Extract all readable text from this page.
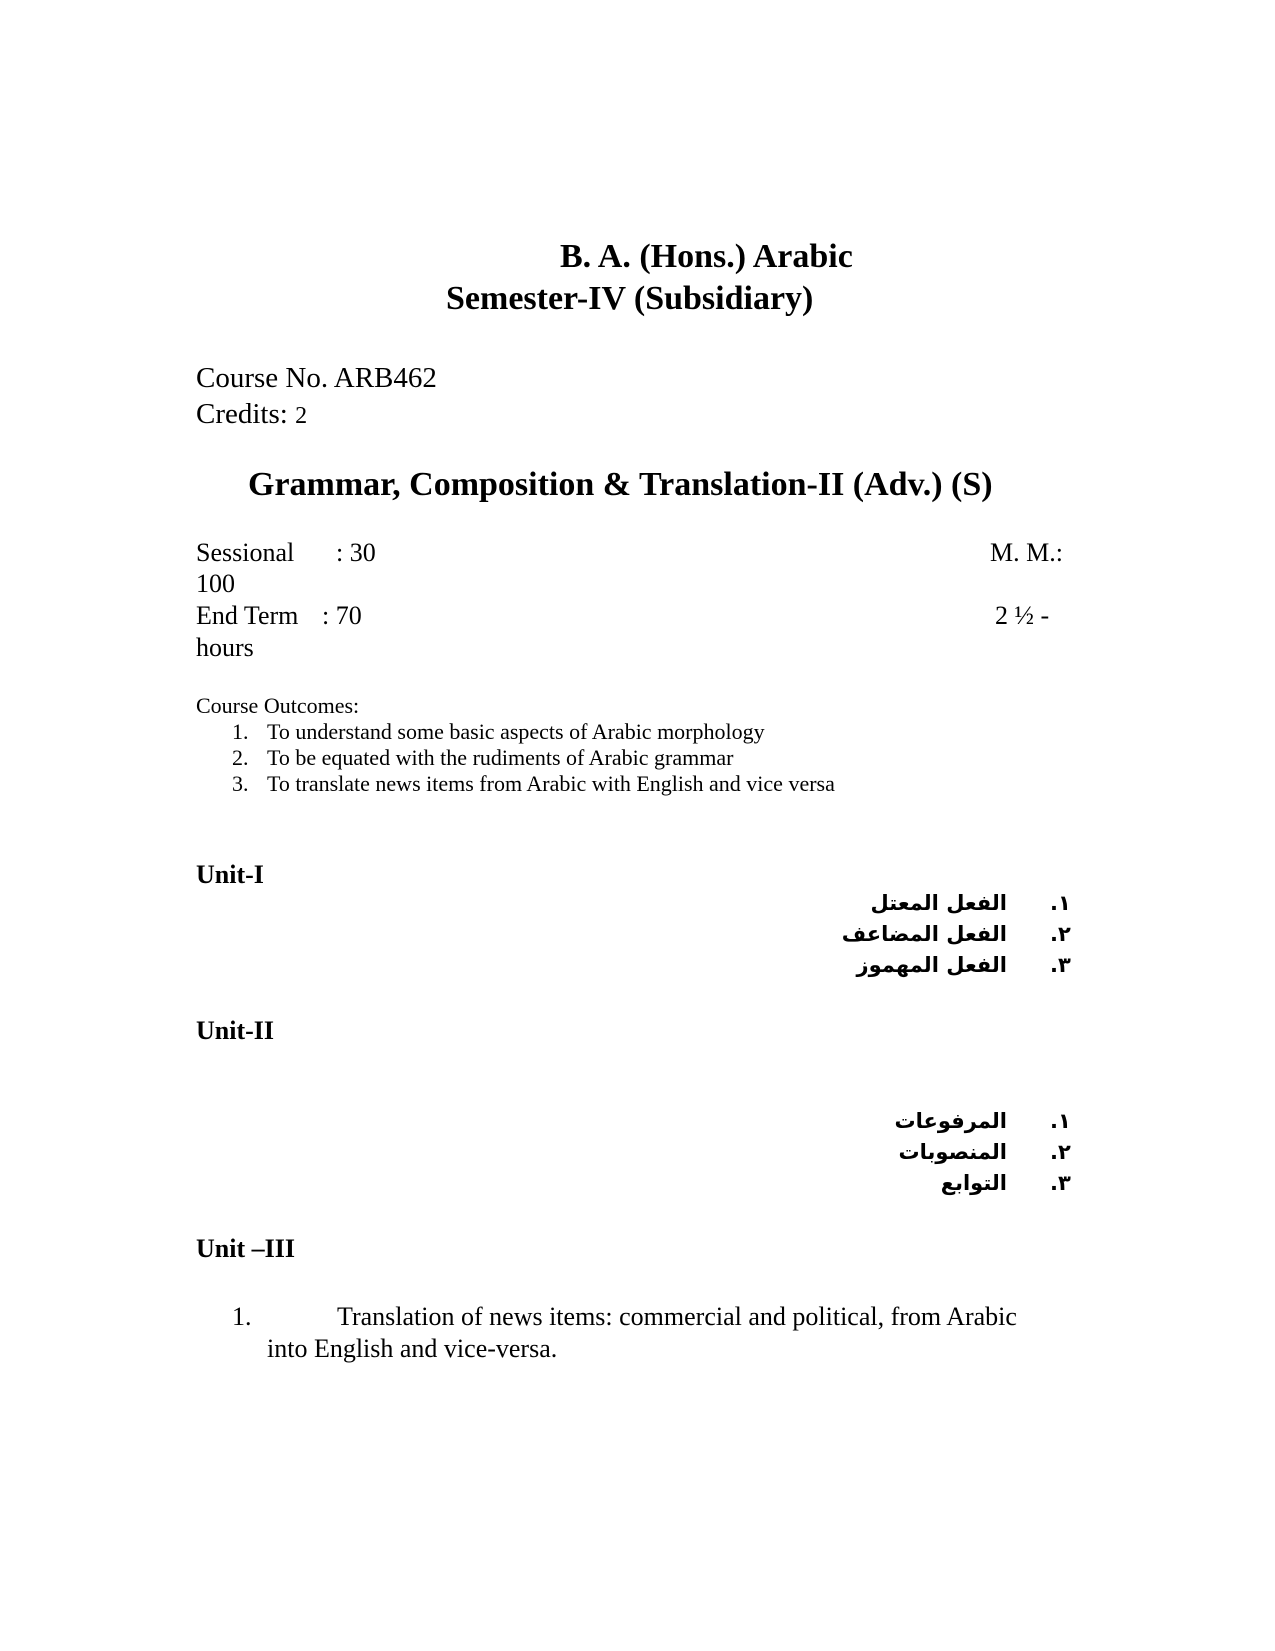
B. A. (Hons.) Arabic
Semester-IV (Subsidiary)
Course No. ARB462
Credits: 2
Grammar, Composition & Translation-II (Adv.) (S)
Sessional : 30	M. M.:
100
End Term : 70	2 ½ -
hours
Course Outcomes:
1. To understand some basic aspects of Arabic morphology
2. To be equated with the rudiments of Arabic grammar
3. To translate news items from Arabic with English and vice versa
Unit-I
١.
الفعل المعتل
٢.
الفعل المضاعف
٣.
الفعل المهموز
Unit-II
١.
المرفوعات
٢.
المنصوبات
٣.
التوابع
Unit –III
1.	Translation of news items: commercial and political, from Arabic
into English and vice-versa.
